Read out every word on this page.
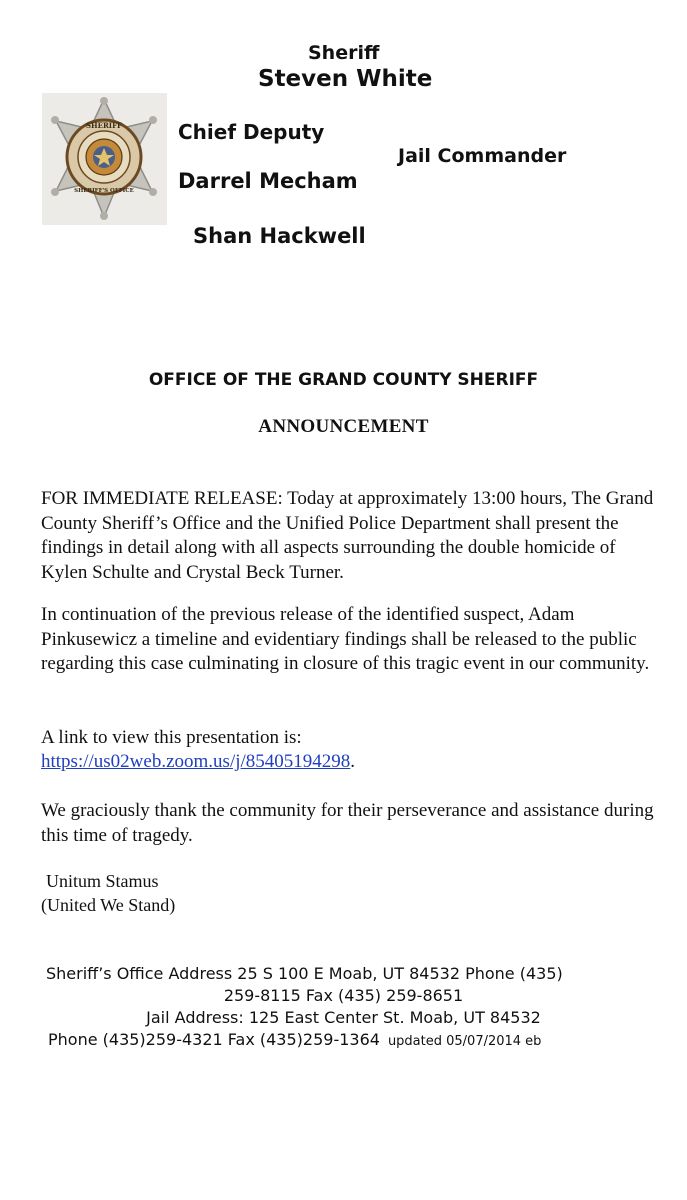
Sheriff
Steven White
SHERIFF
SHERIFF'S OFFICE
Chief Deputy
Jail Commander
Darrel Mecham
Shan Hackwell
OFFICE OF THE GRAND COUNTY SHERIFF
ANNOUNCEMENT
FOR IMMEDIATE RELEASE: Today at approximately 13:00 hours, The Grand County Sheriff’s Office and the Unified Police Department shall present the findings in detail along with all aspects surrounding the double homicide of Kylen Schulte and Crystal Beck Turner.
In continuation of the previous release of the identified suspect, Adam Pinkusewicz a timeline and evidentiary findings shall be released to the public regarding this case culminating in closure of this tragic event in our community.
A link to view this presentation is:
https://us02web.zoom.us/j/85405194298.
We graciously thank the community for their perseverance and assistance during this time of tragedy.
Unitum Stamus
(United We Stand)
Sheriff’s Office Address 25 S 100 E Moab, UT 84532 Phone (435)
259-8115 Fax (435) 259-8651
Jail Address: 125 East Center St. Moab, UT 84532
Phone (435)259-4321 Fax (435)259-1364 updated 05/07/2014 eb
